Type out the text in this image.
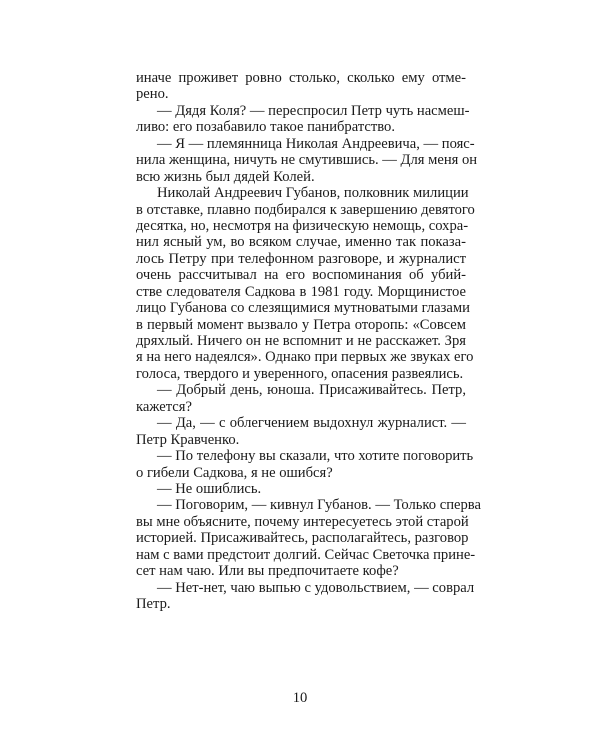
иначе проживет ровно столько, сколько ему отме-
рено.
— Дядя Коля? — переспросил Петр чуть насмеш-
ливо: его позабавило такое панибратство.
— Я — племянница Николая Андреевича, — пояс-
нила женщина, ничуть не смутившись. — Для меня он
всю жизнь был дядей Колей.
Николай Андреевич Губанов, полковник милиции
в отставке, плавно подбирался к завершению девятого
десятка, но, несмотря на физическую немощь, сохра-
нил ясный ум, во всяком случае, именно так показа-
лось Петру при телефонном разговоре, и журналист
очень рассчитывал на его воспоминания об убий-
стве следователя Садкова в 1981 году. Морщинистое
лицо Губанова со слезящимися мутноватыми глазами
в первый момент вызвало у Петра оторопь: «Совсем
дряхлый. Ничего он не вспомнит и не расскажет. Зря
я на него надеялся». Однако при первых же звуках его
голоса, твердого и уверенного, опасения развеялись.
— Добрый день, юноша. Присаживайтесь. Петр,
кажется?
— Да, — с облегчением выдохнул журналист. —
Петр Кравченко.
— По телефону вы сказали, что хотите поговорить
о гибели Садкова, я не ошибся?
— Не ошиблись.
— Поговорим, — кивнул Губанов. — Только сперва
вы мне объясните, почему интересуетесь этой старой
историей. Присаживайтесь, располагайтесь, разговор
нам с вами предстоит долгий. Сейчас Светочка прине-
сет нам чаю. Или вы предпочитаете кофе?
— Нет-нет, чаю выпью с удовольствием, — соврал
Петр.
10
